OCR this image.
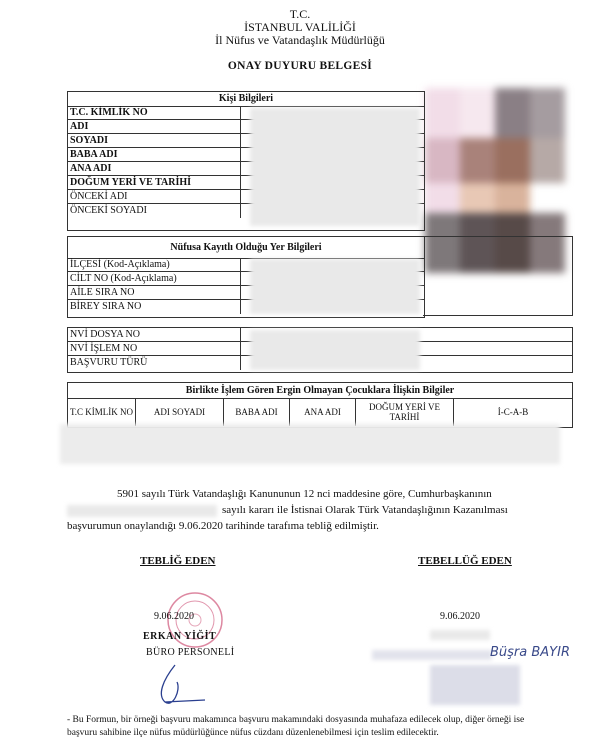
T.C.
İSTANBUL VALİLİĞİ
İl Nüfus ve Vatandaşlık Müdürlüğü
ONAY DUYURU BELGESİ
Kişi Bilgileri
T.C. KİMLİK NO
ADI
SOYADI
BABA ADI
ANA ADI
DOĞUM YERİ VE TARİHİ
ÖNCEKİ ADI
ÖNCEKİ SOYADI
Nüfusa Kayıtlı Olduğu Yer Bilgileri
İLÇESİ (Kod-Açıklama)
CİLT NO (Kod-Açıklama)
AİLE SIRA NO
BİREY SIRA NO
NVİ DOSYA NO
NVİ İŞLEM NO
BAŞVURU TÜRÜ
Birlikte İşlem Gören Ergin Olmayan Çocuklara İlişkin Bilgiler
T.C KİMLİK NO	ADI SOYADI	BABA ADI	ANA ADI	DOĞUM YERİ VE TARİHİ	İ-C-A-B
5901 sayılı Türk Vatandaşlığı Kanununun 12 nci maddesine göre, Cumhurbaşkanının
sayılı kararı ile İstisnai Olarak Türk Vatandaşlığının Kazanılması
başvurumun onaylandığı 9.06.2020 tarihinde tarafıma tebliğ edilmiştir.
TEBLİĞ EDEN
9.06.2020
ERKAN YİĞİT
BÜRO PERSONELİ
TEBELLÜĞ EDEN
9.06.2020
Büşra BAYIR
- Bu Formun, bir örneği başvuru makamınca başvuru makamındaki dosyasında muhafaza edilecek olup, diğer örneği ise
başvuru sahibine ilçe nüfus müdürlüğünce nüfus cüzdanı düzenlenebilmesi için teslim edilecektir.
